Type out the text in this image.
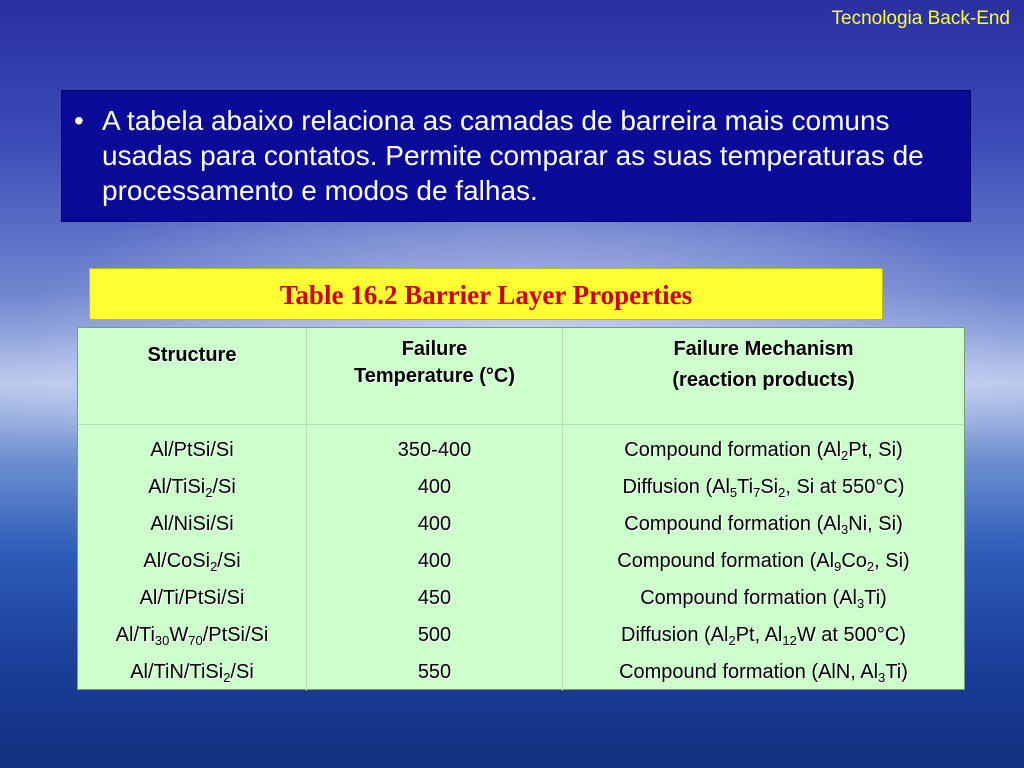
Tecnologia Back-End
• A tabela abaixo relaciona as camadas de barreira mais comuns usadas para contatos. Permite comparar as suas temperaturas de processamento e modos de falhas.
Table 16.2 Barrier Layer Properties
Structure	Failure
Temperature (°C)
Failure Mechanism
(reaction products)
Al/PtSi/Si
Al/TiSi$_2$/Si
Al/NiSi/Si
Al/CoSi$_2$/Si
Al/Ti/PtSi/Si
$Al/Ti_{30}W_{70}/PtSi/Si$
Al/TiN/TiSi$_2$/Si
350-400
400
400
400
450
500
550
Compound formation ($Al_2Pt$, Si)
Diffusion ($Al_5Ti_7Si_2$, Si at 550°C)
Compound formation ($Al_3Ni$, Si)
Compound formation ($Al_9Co_2$, Si)
Compound formation $(Al_3Ti)$
Diffusion ($Al_2Pt$, $Al_{12}W$ at 500°C)
Compound formation (AlN, $Al_3Ti$)
